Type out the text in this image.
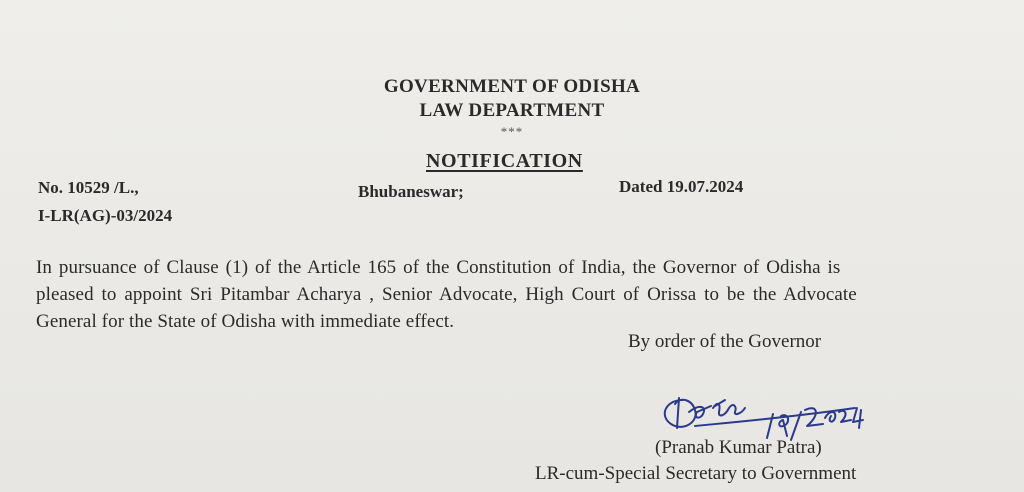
GOVERNMENT OF ODISHA
LAW DEPARTMENT
***
NOTIFICATION
No. 10529 /L.,
I-LR(AG)-03/2024
Bhubaneswar;	Dated 19.07.2024
In pursuance of Clause (1) of the Article 165 of the Constitution of India, the Governor of Odisha is
pleased to appoint Sri Pitambar Acharya , Senior Advocate, High Court of Orissa to be the Advocate
General for the State of Odisha with immediate effect.
By order of the Governor
(Pranab Kumar Patra)
LR-cum-Special Secretary to Government
